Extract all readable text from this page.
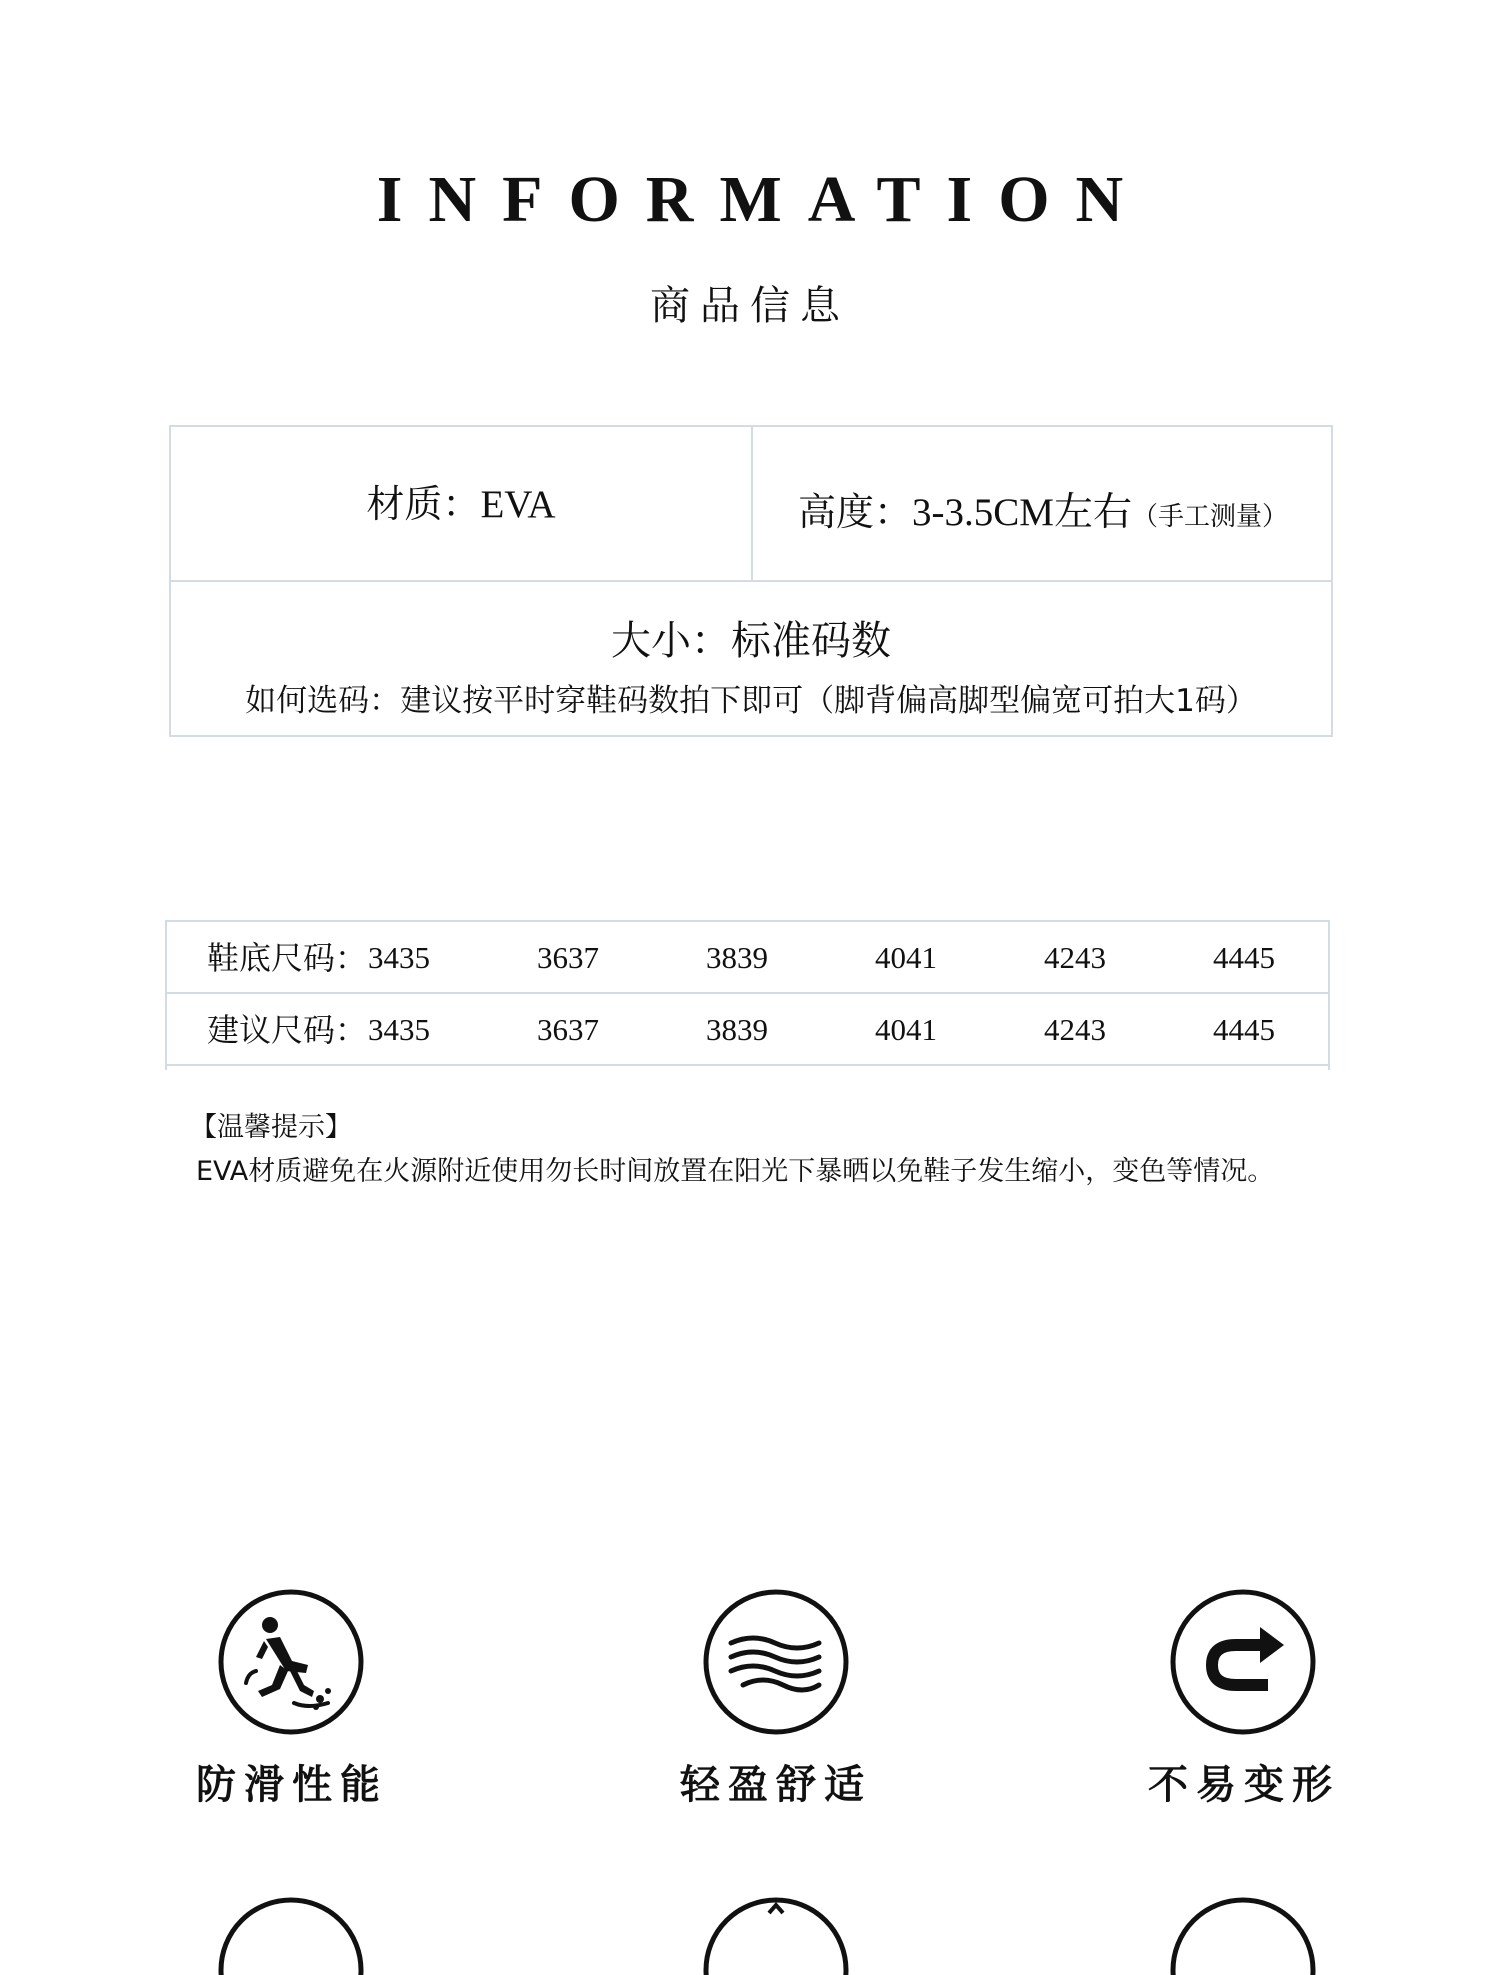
INFORMATION
商品信息
材质：EVA	高度：3-3.5CM左右（手工测量）
大小：标准码数
如何选码：建议按平时穿鞋码数拍下即可（脚背偏高脚型偏宽可拍大1码）
鞋底尺码： 3435	3637	3839	4041	4243	4445
建议尺码： 3435	3637	3839	4041	4243	4445
【温馨提示】
EVA材质避免在火源附近使用勿长时间放置在阳光下暴晒以免鞋子发生缩小，变色等情况。
防滑性能	轻盈舒适	不易变形
